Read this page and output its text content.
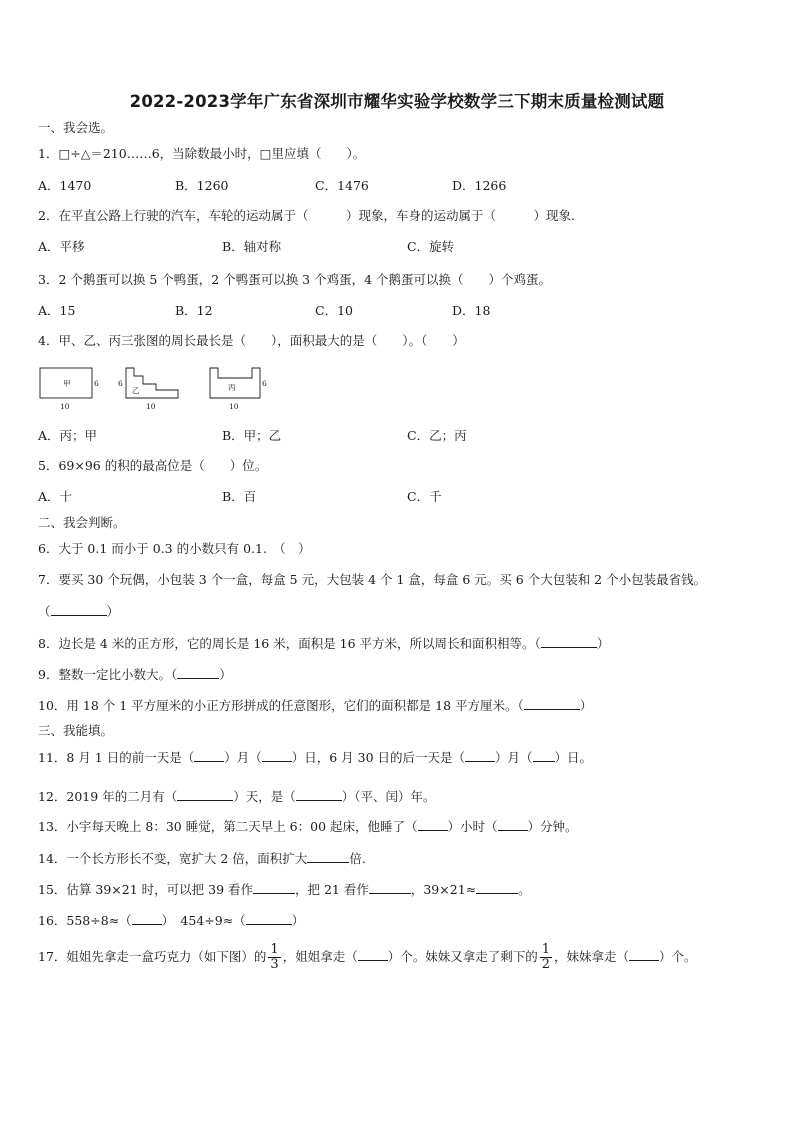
2022-2023学年广东省深圳市耀华实验学校数学三下期末质量检测试题
一、我会选。
1．□÷△＝210……6，当除数最小时，□里应填（　　）。
A．1470	B．1260	C．1476	D．1266
2．在平直公路上行驶的汽车，车轮的运动属于（　　　）现象，车身的运动属于（　　　）现象.
A．平移	B．轴对称	C．旋转
3．2 个鹅蛋可以换 5 个鸭蛋，2 个鸭蛋可以换 3 个鸡蛋，4 个鹅蛋可以换（　　）个鸡蛋。
A．15	B．12	C．10	D．18
4．甲、乙、丙三张图的周长最长是（　　），面积最大的是（　　）。（　　）
甲	6
10
乙
6
10
丙	6
10
A．丙；甲	B．甲；乙	C．乙；丙
5．69×96 的积的最高位是（　　）位。
A．十	B．百	C．千
二、我会判断。
6．大于 0.1 而小于 0.3 的小数只有 0.1.　（　）
7．要买 30 个玩偶，小包装 3 个一盒，每盒 5 元，大包装 4 个 1 盒，每盒 6 元。买 6 个大包装和 2 个小包装最省钱。
（	）
8．边长是 4 米的正方形，它的周长是 16 米，面积是 16 平方米，所以周长和面积相等。（	）
9．整数一定比小数大。（	）
10．用 18 个 1 平方厘米的小正方形拼成的任意图形，它们的面积都是 18 平方厘米。（	）
三、我能填。
11．8 月 1 日的前一天是（ ）月（ ）日，6 月 30 日的后一天是（ ）月（ ）日。
12．2019 年的二月有（	）天，是（	）（平、闰）年。
13．小宇每天晚上 8：30 睡觉，第二天早上 6：00 起床，他睡了（ ）小时（ ）分钟。
14．一个长方形长不变，宽扩大 2 倍，面积扩大	倍.
15．估算 39×21 时，可以把 39 看作	，把 21 看作	，39×21≈	。
16．558÷8≈（ ）　454÷9≈（	）
17．姐姐先拿走一盒巧克力（如下图）的 $\frac{1}{3}$ ，姐姐拿走（ ）个。妹妹又拿走了剩下的 $\frac{1}{2}$ ，妹妹拿走（ ）个。
